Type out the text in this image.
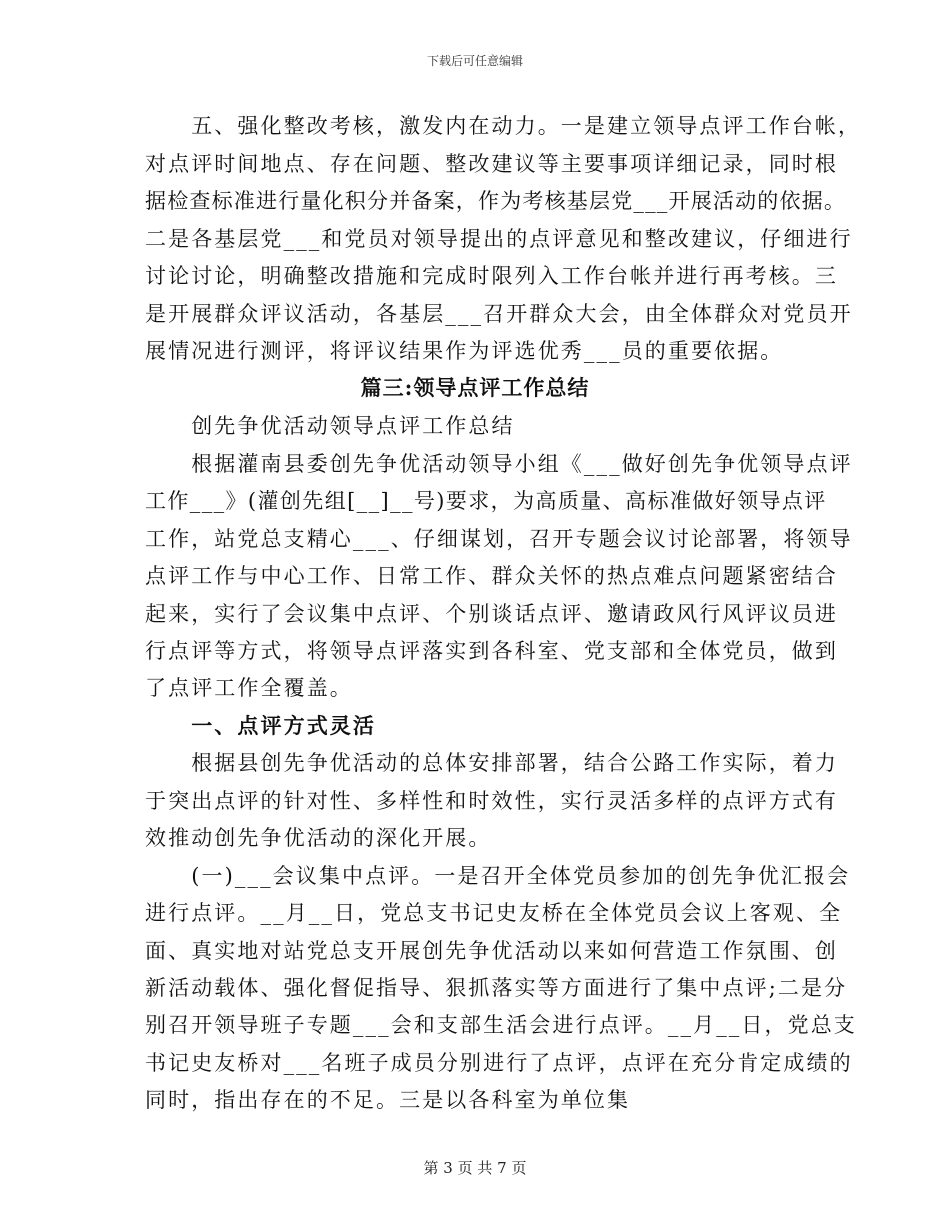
下载后可任意编辑
　　五、强化整改考核，激发内在动力。一是建立领导点评工作台帐，
对点评时间地点、存在问题、整改建议等主要事项详细记录，同时根
据检查标准进行量化积分并备案，作为考核基层党___开展活动的依据。
二是各基层党___和党员对领导提出的点评意见和整改建议，仔细进行
讨论讨论，明确整改措施和完成时限列入工作台帐并进行再考核。三
是开展群众评议活动，各基层___召开群众大会，由全体群众对党员开
展情况进行测评，将评议结果作为评选优秀___员的重要依据。
篇三:领导点评工作总结
　　创先争优活动领导点评工作总结
　　根据灌南县委创先争优活动领导小组《___做好创先争优领导点评
工作___》(灌创先组[__]__号)要求，为高质量、高标准做好领导点评
工作，站党总支精心___、仔细谋划，召开专题会议讨论部署，将领导
点评工作与中心工作、日常工作、群众关怀的热点难点问题紧密结合
起来，实行了会议集中点评、个别谈话点评、邀请政风行风评议员进
行点评等方式，将领导点评落实到各科室、党支部和全体党员，做到
了点评工作全覆盖。
　　一、点评方式灵活
　　根据县创先争优活动的总体安排部署，结合公路工作实际，着力
于突出点评的针对性、多样性和时效性，实行灵活多样的点评方式有
效推动创先争优活动的深化开展。
　　(一)___会议集中点评。一是召开全体党员参加的创先争优汇报会
进行点评。__月__日，党总支书记史友桥在全体党员会议上客观、全
面、真实地对站党总支开展创先争优活动以来如何营造工作氛围、创
新活动载体、强化督促指导、狠抓落实等方面进行了集中点评;二是分
别召开领导班子专题___会和支部生活会进行点评。__月__日，党总支
书记史友桥对___名班子成员分别进行了点评，点评在充分肯定成绩的
同时，指出存在的不足。三是以各科室为单位集
第 3 页 共 7 页
